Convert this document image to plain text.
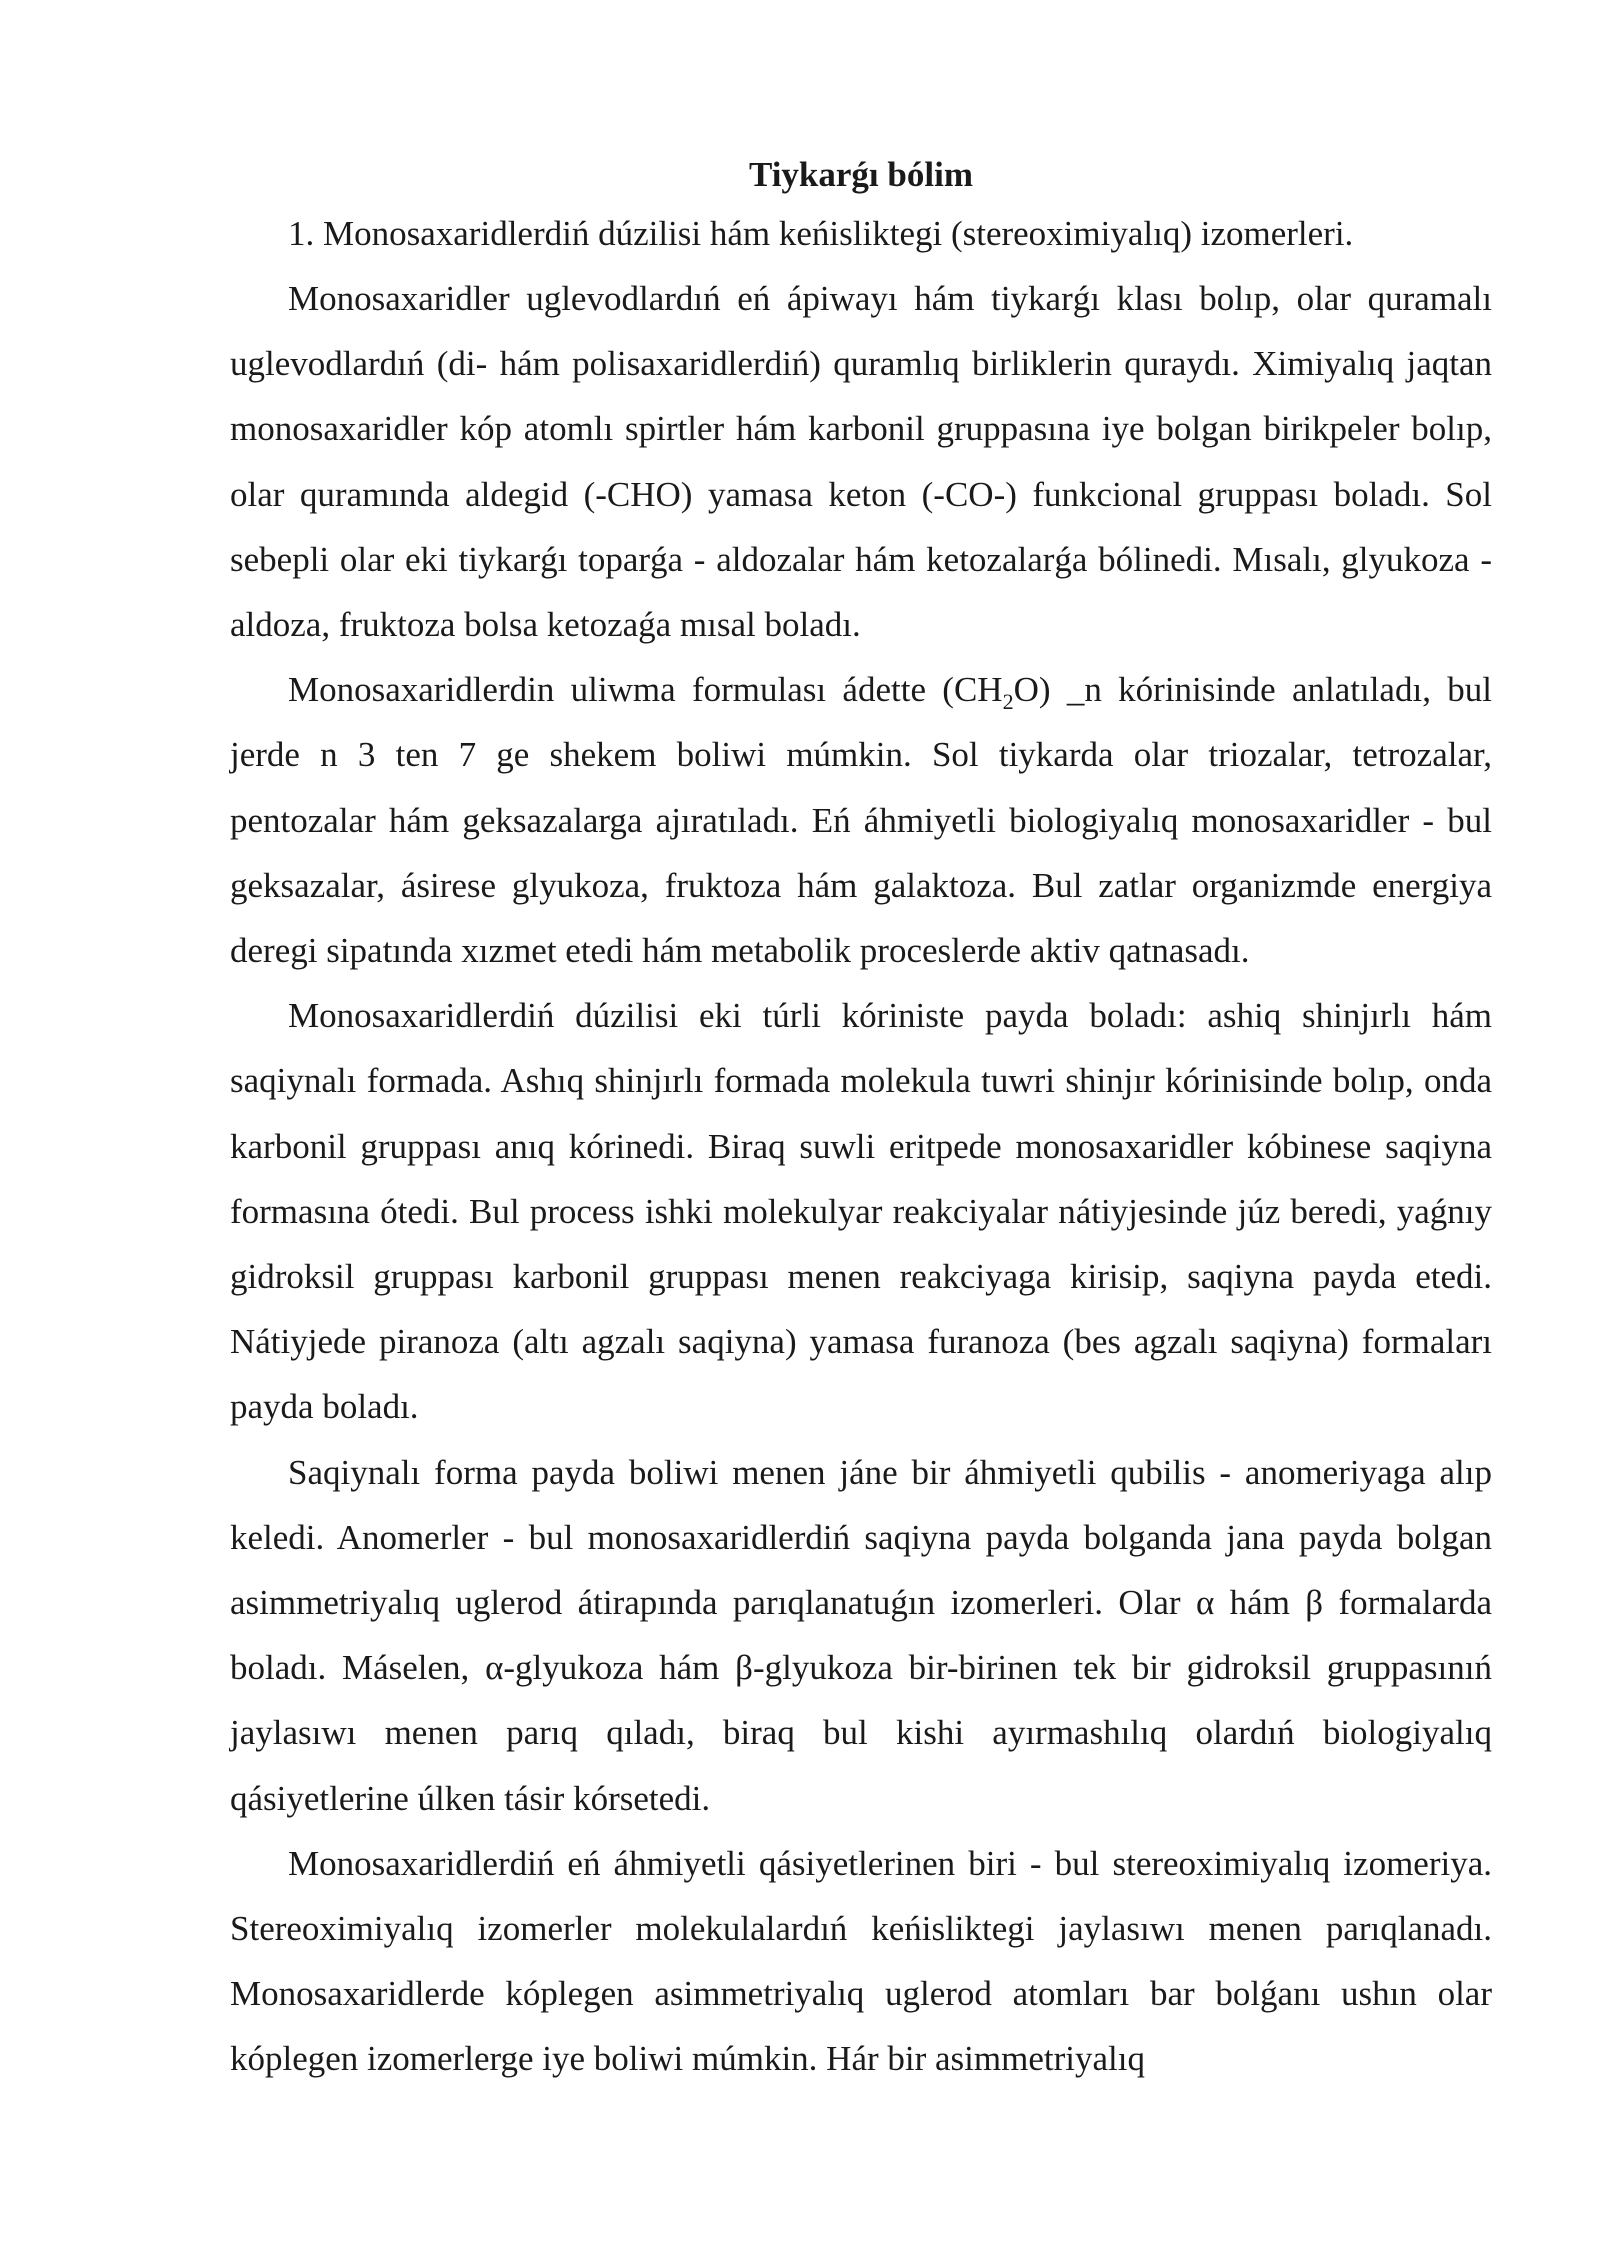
Tiykarǵı bólim

1. Monosaxaridlerdiń dúzilisi hám keńisliktegi (stereoximiyalıq) izomerleri.

Monosaxaridler uglevodlardıń eń ápiwayı hám tiykarǵı klası bolıp, olar quramalı uglevodlardıń (di- hám polisaxaridlerdiń) quramlıq birliklerin quraydı. Ximiyalıq jaqtan monosaxaridler kóp atomlı spirtler hám karbonil gruppasına iye bolgan birikpeler bolıp, olar quramında aldegid (-CHO) yamasa keton (-CO-) funkcional gruppası boladı. Sol sebepli olar eki tiykarǵı toparǵa - aldozalar hám ketozalarǵa bólinedi. Mısalı, glyukoza - aldoza, fruktoza bolsa ketozaǵa mısal boladı.

Monosaxaridlerdin uliwma formulası ádette $(CH_2O)$ _n kórinisinde anlatıladı, bul jerde n 3 ten 7 ge shekem boliwi múmkin. Sol tiykarda olar triozalar, tetrozalar, pentozalar hám geksazalarga ajıratıladı. Eń áhmiyetli biologiyalıq monosaxaridler - bul geksazalar, ásirese glyukoza, fruktoza hám galaktoza. Bul zatlar organizmde energiya deregi sipatında xızmet etedi hám metabolik proceslerde aktiv qatnasadı.

Monosaxaridlerdiń dúzilisi eki túrli kóriniste payda boladı: ashiq shinjırlı hám saqiynalı formada. Ashıq shinjırlı formada molekula tuwri shinjır kórinisinde bolıp, onda karbonil gruppası anıq kórinedi. Biraq suwli eritpede monosaxaridler kóbinese saqiyna formasına ótedi. Bul process ishki molekulyar reakciyalar nátiyjesinde júz beredi, yaǵnıy gidroksil gruppası karbonil gruppası menen reakciyaga kirisip, saqiyna payda etedi. Nátiyjede piranoza (altı agzalı saqiyna) yamasa furanoza (bes agzalı saqiyna) formaları payda boladı.

Saqiynalı forma payda boliwi menen jáne bir áhmiyetli qubilis - anomeriyaga alıp keledi. Anomerler - bul monosaxaridlerdiń saqiyna payda bolganda jana payda bolgan asimmetriyalıq uglerod átirapında parıqlanatuǵın izomerleri. Olar α hám β formalarda boladı. Máselen, α-glyukoza hám β-glyukoza bir-birinen tek bir gidroksil gruppasınıń jaylasıwı menen parıq qıladı, biraq bul kishi ayırmashılıq olardıń biologiyalıq qásiyetlerine úlken tásir kórsetedi.

Monosaxaridlerdiń eń áhmiyetli qásiyetlerinen biri - bul stereoximiyalıq izomeriya. Stereoximiyalıq izomerler molekulalardıń keńisliktegi jaylasıwı menen parıqlanadı. Monosaxaridlerde kóplegen asimmetriyalıq uglerod atomları bar bolǵanı ushın olar kóplegen izomerlerge iye boliwi múmkin. Hár bir asimmetriyalıq
